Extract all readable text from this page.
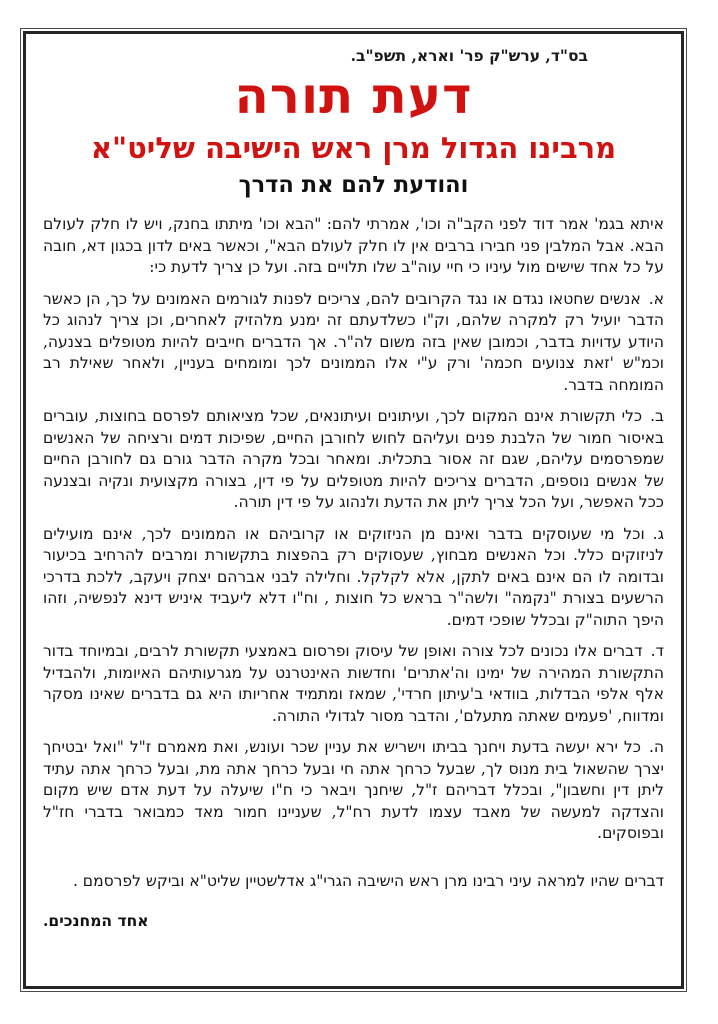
בס"ד, ערש"ק פר' וארא, תשפ"ב.
דעת תורה
מרבינו הגדול מרן ראש הישיבה שליט"א
והודעת להם את הדרך

איתא בגמ' אמר דוד לפני הקב"ה וכו', אמרתי להם: "הבא וכו' מיתתו בחנק, ויש לו חלק לעולם הבא. אבל המלבין פני חבירו ברבים אין לו חלק לעולם הבא", וכאשר באים לדון בכגון דא, חובה על כל אחד שישים מול עיניו כי חיי עוה"ב שלו תלויים בזה. ועל כן צריך לדעת כי:

א.אנשים שחטאו נגדם או נגד הקרובים להם, צריכים לפנות לגורמים האמונים על כך, הן כאשר הדבר יועיל רק למקרה שלהם, וק"ו כשלדעתם זה ימנע מלהזיק לאחרים, וכן צריך לנהוג כל היודע עדויות בדבר, וכמובן שאין בזה משום לה"ר. אך הדברים חייבים להיות מטופלים בצנעה, וכמ"ש 'זאת צנועים חכמה' ורק ע"י אלו הממונים לכך ומומחים בעניין, ולאחר שאילת רב המומחה בדבר.

ב.כלי תקשורת אינם המקום לכך, ועיתונים ועיתונאים, שכל מציאותם לפרסם בחוצות, עוברים באיסור חמור של הלבנת פנים ועליהם לחוש לחורבן החיים, שפיכות דמים ורציחה של האנשים שמפרסמים עליהם, שגם זה אסור בתכלית. ומאחר ובכל מקרה הדבר גורם גם לחורבן החיים של אנשים נוספים, הדברים צריכים להיות מטופלים על פי דין, בצורה מקצועית ונקיה ובצנעה ככל האפשר, ועל הכל צריך ליתן את הדעת ולנהוג על פי דין תורה.

ג.וכל מי שעוסקים בדבר ואינם מן הניזוקים או קרוביהם או הממונים לכך, אינם מועילים לניזוקים כלל. וכל האנשים מבחוץ, שעסוקים רק בהפצות בתקשורת ומרבים להרחיב בכיעור ובדומה לו הם אינם באים לתקן, אלא לקלקל. וחלילה לבני אברהם יצחק ויעקב, ללכת בדרכי הרשעים בצורת "נקמה" ולשה"ר בראש כל חוצות , וח"ו דלא ליעביד איניש דינא לנפשיה, וזהו היפך התוה"ק ובכלל שופכי דמים.

ד.דברים אלו נכונים לכל צורה ואופן של עיסוק ופרסום באמצעי תקשורת לרבים, ובמיוחד בדור התקשורת המהירה של ימינו וה'אתרים' וחדשות האינטרנט על מגרעותיהם האיומות, ולהבדיל אלף אלפי הבדלות, בוודאי ב'עיתון חרדי', שמאז ומתמיד אחריותו היא גם בדברים שאינו מסקר ומדווח, 'פעמים שאתה מתעלם', והדבר מסור לגדולי התורה.

ה.כל ירא יעשה בדעת ויחנך בביתו וישריש את עניין שכר ועונש, ואת מאמרם ז"ל "ואל יבטיחך יצרך שהשאול בית מנוס לך, שבעל כרחך אתה חי ובעל כרחך אתה מת, ובעל כרחך אתה עתיד ליתן דין וחשבון", ובכלל דבריהם ז"ל, שיחנך ויבאר כי ח"ו שיעלה על דעת אדם שיש מקום והצדקה למעשה של מאבד עצמו לדעת רח"ל, שעניינו חמור מאד כמבואר בדברי חז"ל ובפוסקים.

דברים שהיו למראה עיני רבינו מרן ראש הישיבה הגרי"ג אדלשטיין שליט"א וביקש לפרסמם .
אחד המחנכים.
